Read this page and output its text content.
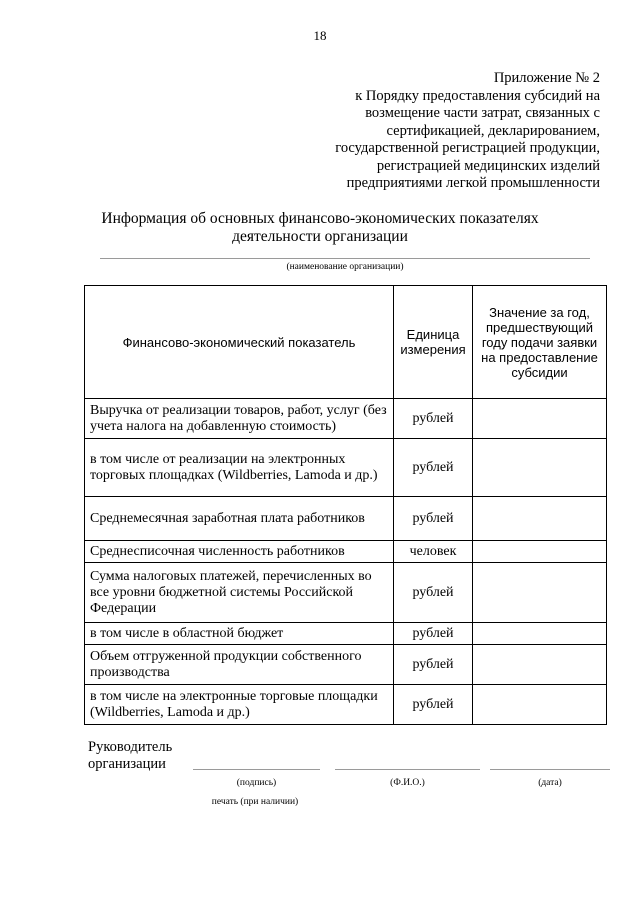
18
Приложение № 2
к Порядку предоставления субсидий на
возмещение части затрат, связанных с
сертификацией, декларированием,
государственной регистрацией продукции,
регистрацией медицинских изделий
предприятиями легкой промышленности
Информация об основных финансово-экономических показателях
деятельности организации
(наименование организации)
Финансово-экономический показатель	Единица измерения	Значение за год, предшествующий году подачи заявки на предоставление субсидии
Выручка от реализации товаров, работ, услуг (без учета налога на добавленную стоимость)	рублей	
в том числе от реализации на электронных торговых площадках (Wildberries, Lamoda и др.)	рублей	
Среднемесячная заработная плата работников	рублей	
Среднесписочная численность работников	человек	
Сумма налоговых платежей, перечисленных во все уровни бюджетной системы Российской Федерации	рублей	
в том числе в областной бюджет	рублей	
Объем отгруженной продукции собственного производства	рублей	
в том числе на электронные торговые площадки (Wildberries, Lamoda и др.)	рублей	
Руководитель
организации
(подпись)	(Ф.И.О.)	(дата)
печать (при наличии)
